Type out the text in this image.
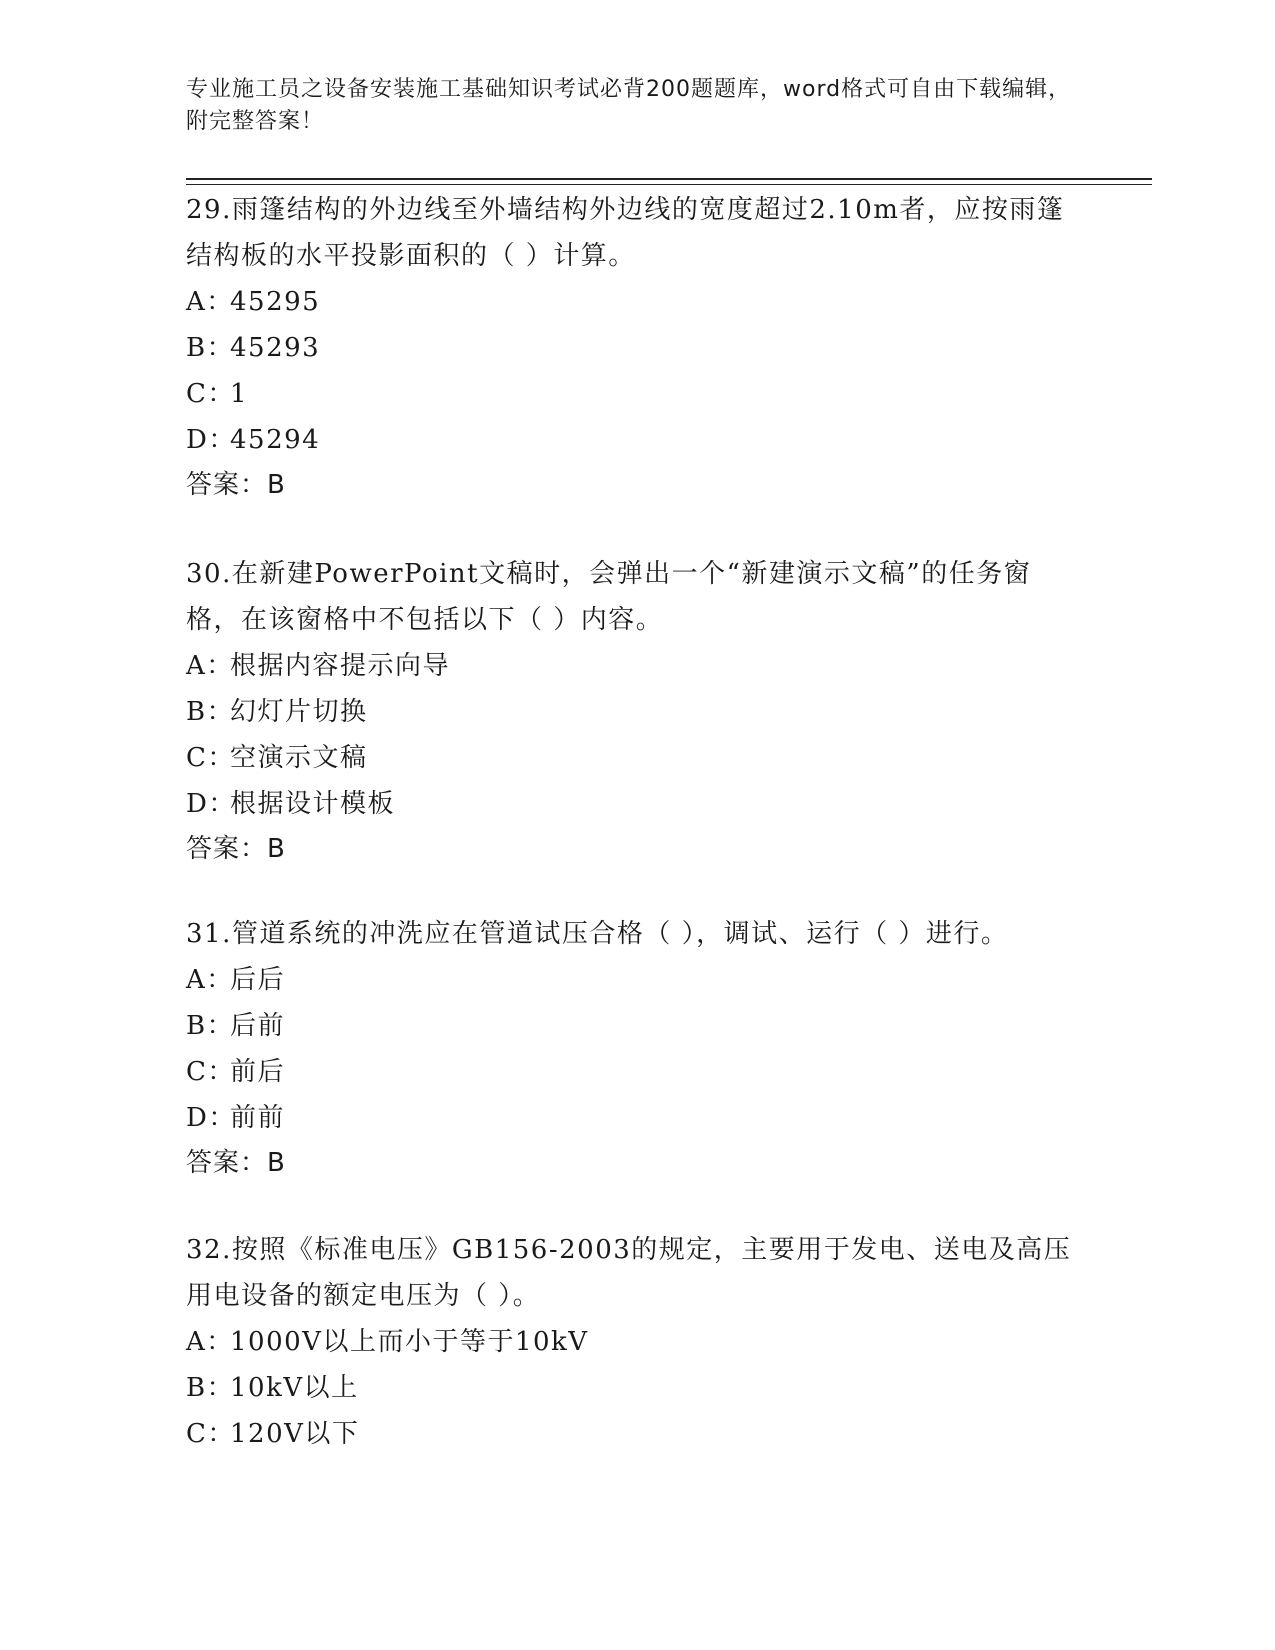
专业施工员之设备安装施工基础知识考试必背200题题库，word格式可自由下载编辑，附完整答案！
29.雨篷结构的外边线至外墙结构外边线的宽度超过2.10m者，应按雨篷结构板的水平投影面积的（ ）计算。
A：45295
B：45293
C：1
D：45294
答案：B
30.在新建PowerPoint文稿时，会弹出一个“新建演示文稿”的任务窗格，在该窗格中不包括以下（ ）内容。
A：根据内容提示向导
B：幻灯片切换
C：空演示文稿
D：根据设计模板
答案：B
31.管道系统的冲洗应在管道试压合格（ ），调试、运行（ ）进行。
A：后后
B：后前
C：前后
D：前前
答案：B
32.按照《标准电压》GB156-2003的规定，主要用于发电、送电及高压用电设备的额定电压为（ ）。
A：1000V以上而小于等于10kV
B：10kV以上
C：120V以下
